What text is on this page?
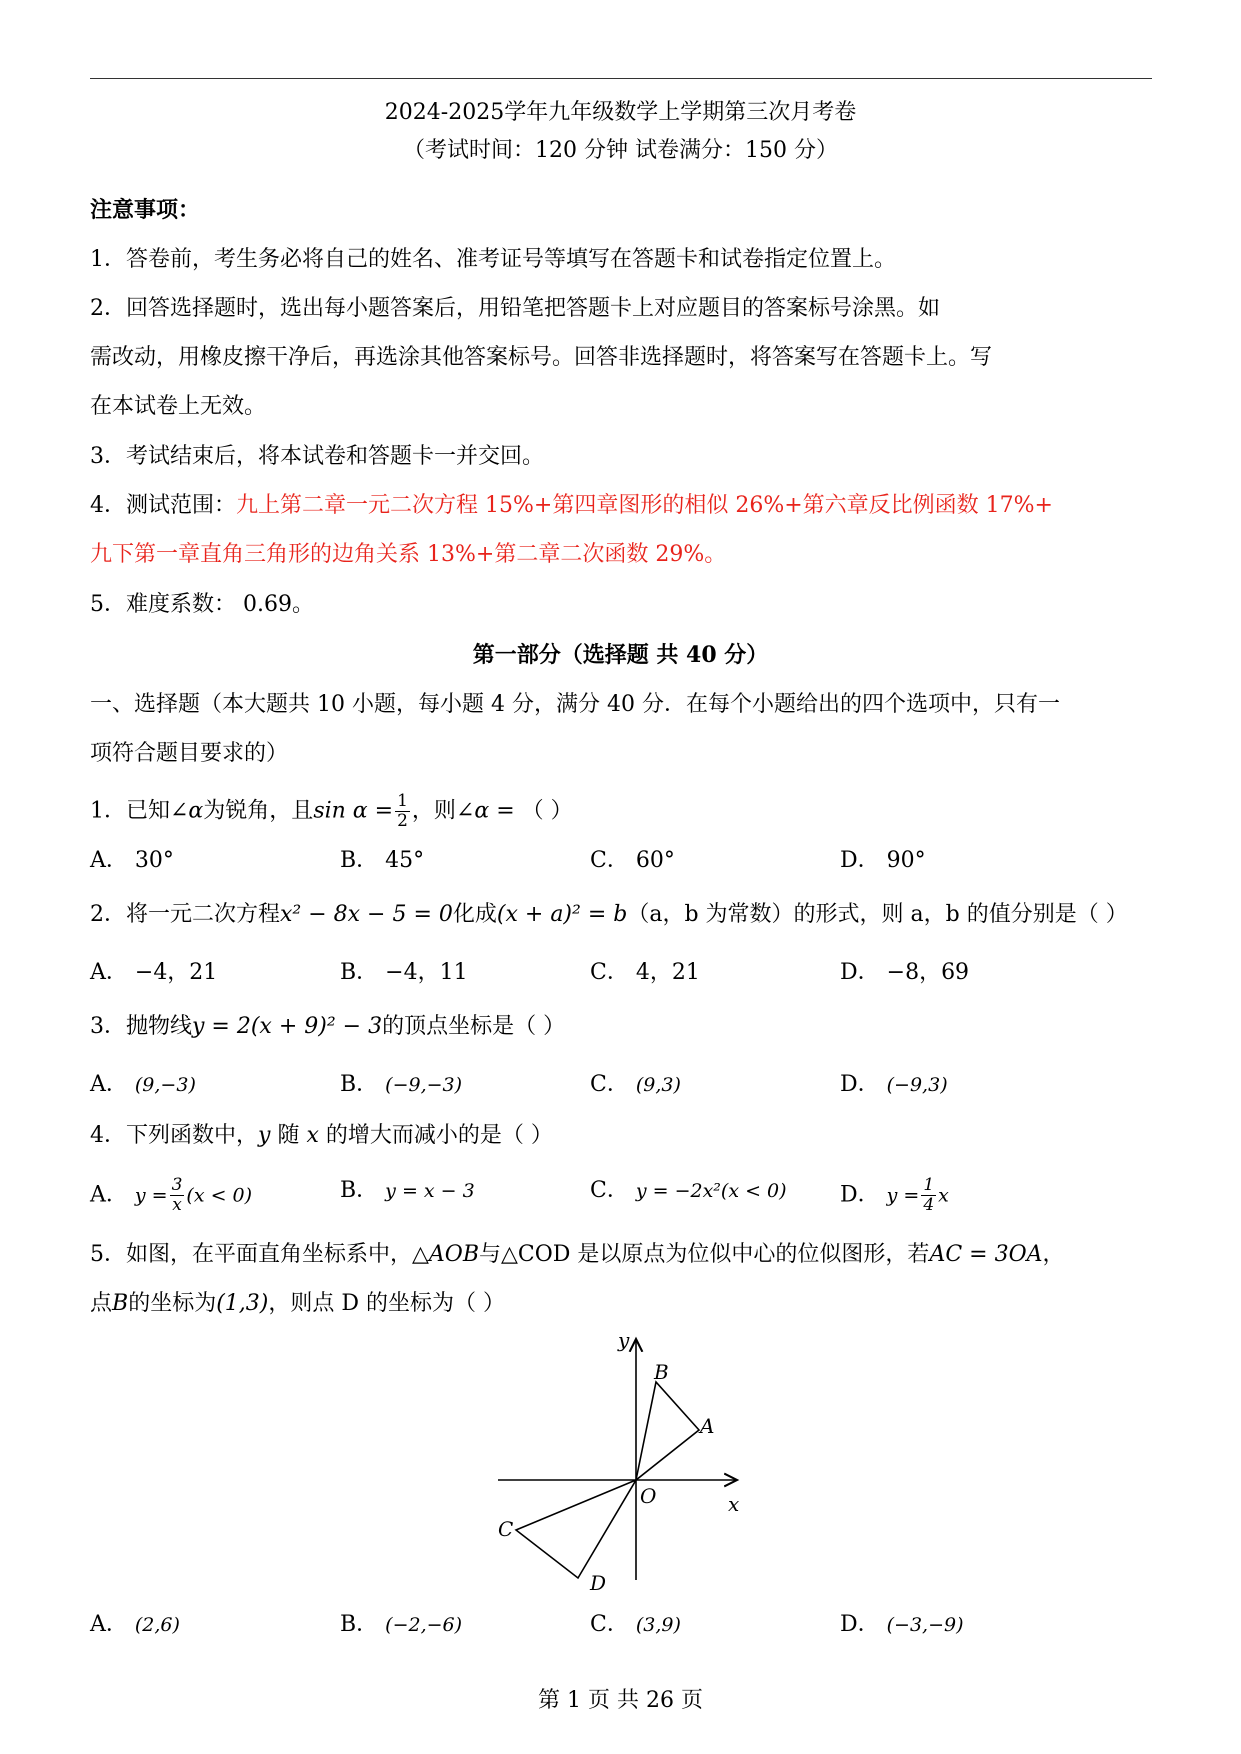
2024-2025学年九年级数学上学期第三次月考卷
（考试时间：120 分钟 试卷满分：150 分）
注意事项：
1．答卷前，考生务必将自己的姓名、准考证号等填写在答题卡和试卷指定位置上。
2．回答选择题时，选出每小题答案后，用铅笔把答题卡上对应题目的答案标号涂黑。如
需改动，用橡皮擦干净后，再选涂其他答案标号。回答非选择题时，将答案写在答题卡上。写
在本试卷上无效。
3．考试结束后，将本试卷和答题卡一并交回。
4．测试范围：九上第二章一元二次方程 15%+第四章图形的相似 26%+第六章反比例函数 17%+
九下第一章直角三角形的边角关系 13%+第二章二次函数 29%。
5．难度系数： 0.69。
第一部分（选择题 共 40 分）
一、选择题（本大题共 10 小题，每小题 4 分，满分 40 分．在每个小题给出的四个选项中，只有一
项符合题目要求的）
1．已知∠α为锐角，且$\sin \alpha = \frac{1}{2}$ ，则∠α = （ ）
A． 30°	B． 45°	C． 60°	D． 90°
2．将一元二次方程x² − 8x − 5 = 0化成(x + a)² = b（a，b 为常数）的形式，则 a，b 的值分别是（ ）
A． −4，21	B． −4，11	C． 4，21	D． −8，69
3．抛物线y = 2(x + 9)² − 3的顶点坐标是（ ）
A． (9,−3)	B． (−9,−3)	C． (9,3)	D． (−9,3)
4．下列函数中，y 随 x 的增大而减小的是（ ）
A． $y = \frac{3}{x} (x < 0)$	B． y = x − 3	C． y = −2x²(x < 0) D． $y = \frac{1}{4}$ x
5．如图，在平面直角坐标系中，△AOB与△COD 是以原点为位似中心的位似图形，若AC = 3OA，
点B的坐标为(1,3)，则点 D 的坐标为（ ）
x
y
O
A
B
C
D
A． (2,6)	B． (−2,−6)	C． (3,9)	D． (−3,−9)
第 1 页 共 26 页
